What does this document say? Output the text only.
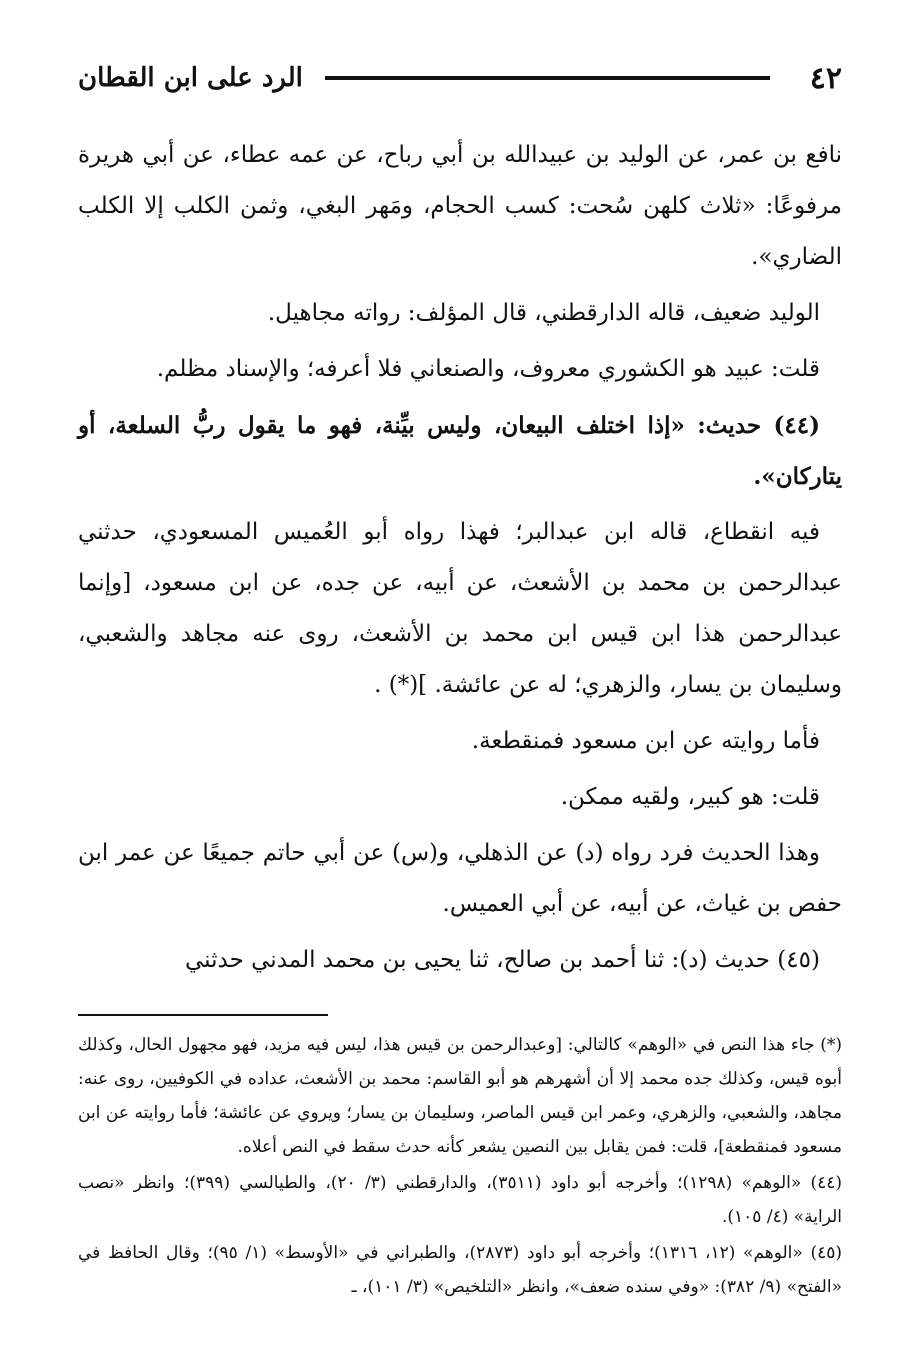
٤٢
الرد على ابن القطان

نافع بن عمر، عن الوليد بن عبيدالله بن أبي رباح، عن عمه عطاء، عن أبي هريرة مرفوعًا: «ثلاث كلهن سُحت: كسب الحجام، ومَهر البغي، وثمن الكلب إلا الكلب الضاري».

الوليد ضعيف، قاله الدارقطني، قال المؤلف: رواته مجاهيل.

قلت: عبيد هو الكشوري معروف، والصنعاني فلا أعرفه؛ والإسناد مظلم.

(٤٤) حديث: «إذا اختلف البيعان، وليس بيِّنة، فهو ما يقول ربُّ السلعة، أو يتاركان».

فيه انقطاع، قاله ابن عبدالبر؛ فهذا رواه أبو العُميس المسعودي، حدثني عبدالرحمن بن محمد بن الأشعث، عن أبيه، عن جده، عن ابن مسعود، [وإنما عبدالرحمن هذا ابن قيس ابن محمد بن الأشعث، روى عنه مجاهد والشعبي، وسليمان بن يسار، والزهري؛ له عن عائشة. ](*) .

فأما روايته عن ابن مسعود فمنقطعة.

قلت: هو كبير، ولقيه ممكن.

وهذا الحديث فرد رواه (د) عن الذهلي، و(س) عن أبي حاتم جميعًا عن عمر ابن حفص بن غياث، عن أبيه، عن أبي العميس.

(٤٥) حديث (د): ثنا أحمد بن صالح، ثنا يحيى بن محمد المدني حدثني

(*) جاء هذا النص في «الوهم» كالتالي: [وعبدالرحمن بن قيس هذا، ليس فيه مزيد، فهو مجهول الحال، وكذلك أبوه قيس، وكذلك جده محمد إلا أن أشهرهم هو أبو القاسم: محمد بن الأشعث، عداده في الكوفيين، روى عنه: مجاهد، والشعبي، والزهري، وعمر ابن قيس الماصر، وسليمان بن يسار؛ ويروي عن عائشة؛ فأما روايته عن ابن مسعود فمنقطعة]، قلت: فمن يقابل بين النصين يشعر كأنه حدث سقط في النص أعلاه.

(٤٤) «الوهم» (١٢٩٨)؛ وأخرجه أبو داود (٣٥١١)، والدارقطني (٣/ ٢٠)، والطيالسي (٣٩٩)؛ وانظر «نصب الراية» (٤/ ١٠٥).

(٤٥) «الوهم» (١٢، ١٣١٦)؛ وأخرجه أبو داود (٢٨٧٣)، والطبراني في «الأوسط» (١/ ٩٥)؛ وقال الحافظ في «الفتح» (٩/ ٣٨٢): «وفي سنده ضعف»، وانظر «التلخيص» (٣/ ١٠١)، ـ
